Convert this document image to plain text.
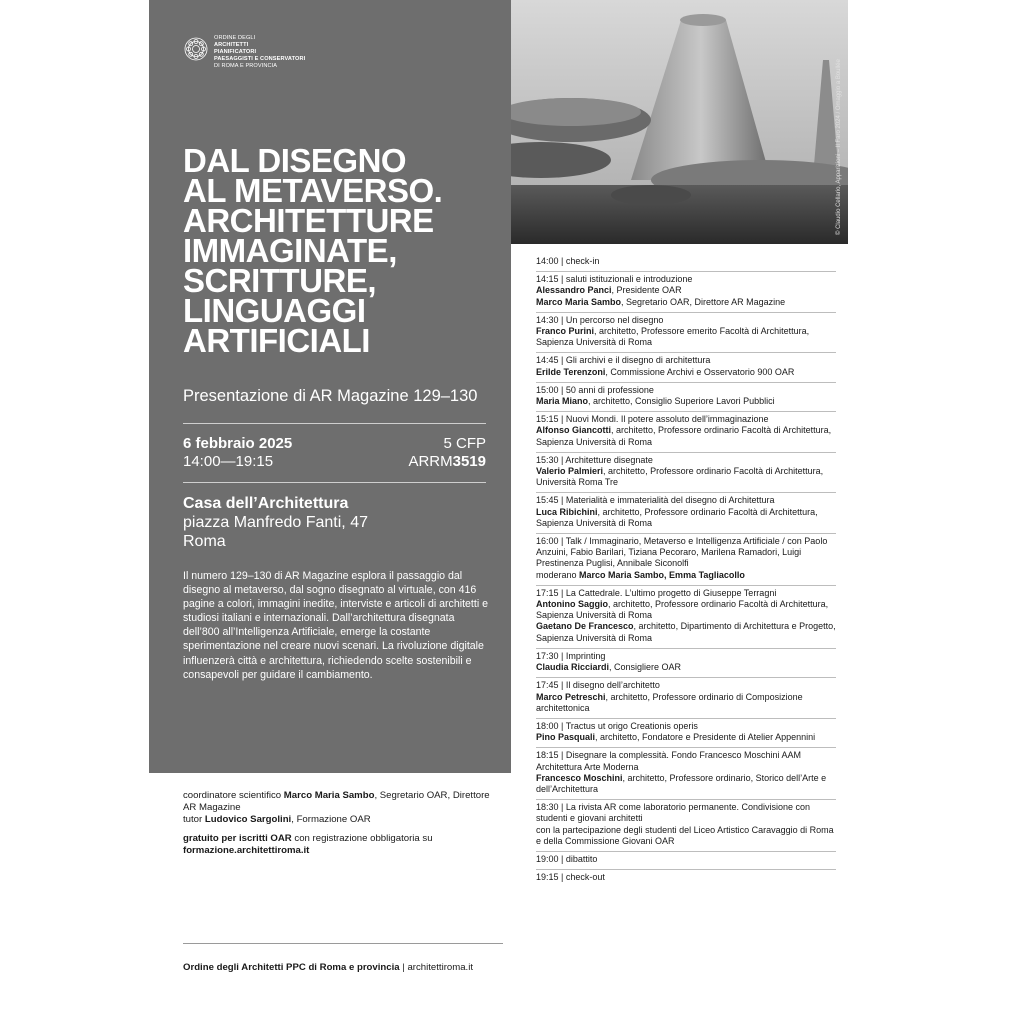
ORDINE DEGLI
ARCHITETTI
PIANIFICATORI
PAESAGGISTI E CONSERVATORI
DI ROMA E PROVINCIA
DAL DISEGNO
AL METAVERSO.
ARCHITETTURE
IMMAGINATE,
SCRITTURE,
LINGUAGGI
ARTIFICIALI
Presentazione di AR Magazine 129–130
6 febbraio 2025
14:00—19:15
5 CFP
ARRM3519
Casa dell’Architettura
piazza Manfredo Fanti, 47
Roma
Il numero 129–130 di AR Magazine esplora il passaggio dal disegno al metaverso, dal sogno disegnato al virtuale, con 416 pagine a colori, immagini inedite, interviste e articoli di architetti e studiosi italiani e internazionali. Dall’architettura disegnata dell’800 all’Intelligenza Artificiale, emerge la costante sperimentazione nel creare nuovi scenari. La rivoluzione digitale influenzerà città e architettura, richiedendo scelte sostenibili e consapevoli per guidare il cambiamento.
© Claudio Cellario, Apparizioni – Il Faro 2024 / Omaggio a Boullée

coordinatore scientifico Marco Maria Sambo, Segretario OAR, Direttore AR Magazine
tutor Ludovico Sargolini, Formazione OAR

gratuito per iscritti OAR con registrazione obbligatoria su
formazione.architettiroma.it

Ordine degli Architetti PPC di Roma e provincia | architettiroma.it
14:00 | check-in
14:15 | saluti istituzionali e introduzione
Alessandro Panci, Presidente OAR
Marco Maria Sambo, Segretario OAR, Direttore AR Magazine
14:30 | Un percorso nel disegno
Franco Purini, architetto, Professore emerito Facoltà di Architettura, Sapienza Università di Roma
14:45 | Gli archivi e il disegno di architettura
Erilde Terenzoni, Commissione Archivi e Osservatorio 900 OAR
15:00 | 50 anni di professione
Maria Miano, architetto, Consiglio Superiore Lavori Pubblici
15:15 | Nuovi Mondi. Il potere assoluto dell’immaginazione
Alfonso Giancotti, architetto, Professore ordinario Facoltà di Architettura, Sapienza Università di Roma
15:30 | Architetture disegnate
Valerio Palmieri, architetto, Professore ordinario Facoltà di Architettura, Università Roma Tre
15:45 | Materialità e immaterialità del disegno di Architettura
Luca Ribichini, architetto, Professore ordinario Facoltà di Architettura, Sapienza Università di Roma
16:00 | Talk / Immaginario, Metaverso e Intelligenza Artificiale / con Paolo Anzuini, Fabio Barilari, Tiziana Pecoraro, Marilena Ramadori, Luigi Prestinenza Puglisi, Annibale Siconolfi
moderano Marco Maria Sambo, Emma Tagliacollo
17:15 | La Cattedrale. L’ultimo progetto di Giuseppe Terragni
Antonino Saggio, architetto, Professore ordinario Facoltà di Architettura, Sapienza Università di Roma
Gaetano De Francesco, architetto, Dipartimento di Architettura e Progetto, Sapienza Università di Roma
17:30 | Imprinting
Claudia Ricciardi, Consigliere OAR
17:45 | Il disegno dell’architetto
Marco Petreschi, architetto, Professore ordinario di Composizione architettonica
18:00 | Tractus ut origo Creationis operis
Pino Pasquali, architetto, Fondatore e Presidente di Atelier Appennini
18:15 | Disegnare la complessità. Fondo Francesco Moschini AAM Architettura Arte Moderna
Francesco Moschini, architetto, Professore ordinario, Storico dell’Arte e dell’Architettura
18:30 | La rivista AR come laboratorio permanente. Condivisione con studenti e giovani architetti
con la partecipazione degli studenti del Liceo Artistico Caravaggio di Roma e della Commissione Giovani OAR
19:00 | dibattito
19:15 | check-out
